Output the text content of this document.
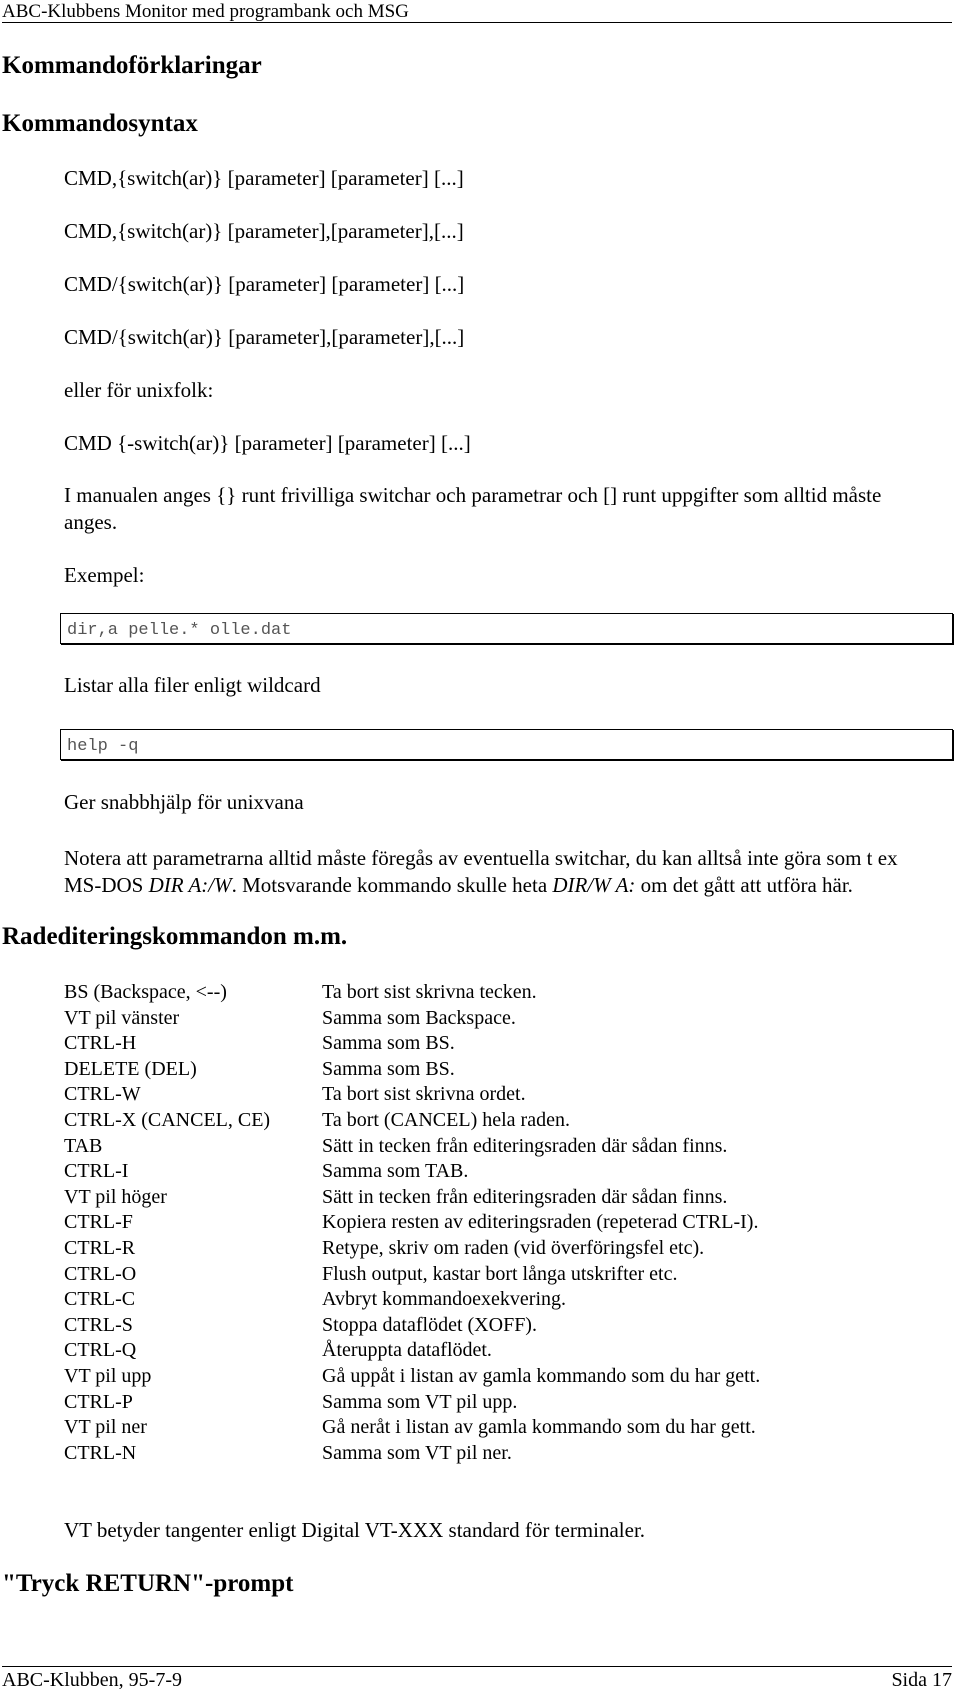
ABC-Klubbens Monitor med programbank och MSG
Kommandoförklaringar
Kommandosyntax
CMD,{switch(ar)} [parameter] [parameter] [...]
CMD,{switch(ar)} [parameter],[parameter],[...]
CMD/{switch(ar)} [parameter] [parameter] [...]
CMD/{switch(ar)} [parameter],[parameter],[...]
eller för unixfolk:
CMD {-switch(ar)} [parameter] [parameter] [...]
I manualen anges {} runt frivilliga switchar och parametrar och [] runt uppgifter som alltid måste anges.
Exempel:
dir,a pelle.* olle.dat
Listar alla filer enligt wildcard
help -q
Ger snabbhjälp för unixvana
Notera att parametrarna alltid måste föregås av eventuella switchar, du kan alltså inte göra som t ex MS-DOS DIR A:/W. Motsvarande kommando skulle heta DIR/W A: om det gått att utföra här.
Radediteringskommandon m.m.
BS (Backspace, <--)	Ta bort sist skrivna tecken.
VT pil vänster	Samma som Backspace.
CTRL-H	Samma som BS.
DELETE (DEL)	Samma som BS.
CTRL-W	Ta bort sist skrivna ordet.
CTRL-X (CANCEL, CE)	Ta bort (CANCEL) hela raden.
TAB	Sätt in tecken från editeringsraden där sådan finns.
CTRL-I	Samma som TAB.
VT pil höger	Sätt in tecken från editeringsraden där sådan finns.
CTRL-F	Kopiera resten av editeringsraden (repeterad CTRL-I).
CTRL-R	Retype, skriv om raden (vid överföringsfel etc).
CTRL-O	Flush output, kastar bort långa utskrifter etc.
CTRL-C	Avbryt kommandoexekvering.
CTRL-S	Stoppa dataflödet (XOFF).
CTRL-Q	Återuppta dataflödet.
VT pil upp	Gå uppåt i listan av gamla kommando som du har gett.
CTRL-P	Samma som VT pil upp.
VT pil ner	Gå neråt i listan av gamla kommando som du har gett.
CTRL-N	Samma som VT pil ner.
VT betyder tangenter enligt Digital VT-XXX standard för terminaler.
"Tryck RETURN"-prompt
ABC-Klubben, 95-7-9	Sida 17
